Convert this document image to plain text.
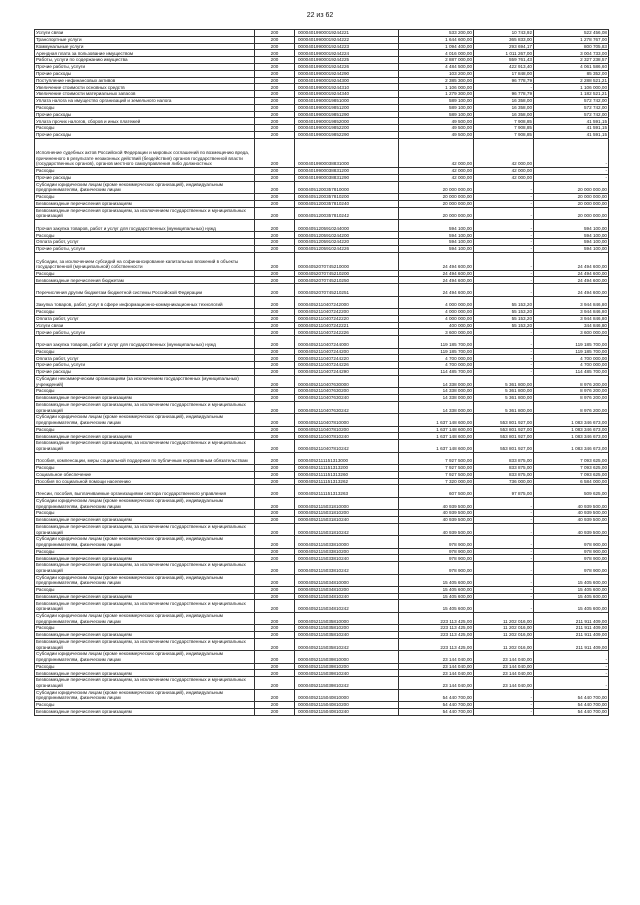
22 из 62
Услуги связи	200	00004019900019244221	533 200,00	10 743,92	522 456,08
Транспортные услуги	200	00004019900019244222	1 644 600,00	365 833,00	1 278 767,00
Коммунальные услуги	200	00004019900019244223	1 094 400,00	293 694,17	800 705,83
Арендная плата за пользование имуществом	200	00004019900019244224	4 016 000,00	1 011 267,00	3 004 733,00
Работы, услуги по содержанию имущества	200	00004019900019244225	2 887 000,00	559 761,43	2 327 238,57
Прочие работы, услуги	200	00004019900019244226	4 484 500,00	422 913,40	4 061 586,60
Прочие расходы	200	00004019900019244290	103 200,00	17 848,00	85 352,00
Поступление нефинансовых активов	200	00004019900019244300	2 385 300,00	96 778,79	2 288 521,21
Увеличение стоимости основных средств	200	00004019900019244310	1 106 000,00	-	1 106 000,00
Увеличение стоимости материальных запасов	200	00004019900019244340	1 279 300,00	96 778,79	1 182 521,21
Уплата налога на имущество организаций и земельного налога	200	00004019900019851000	589 100,00	16 358,00	572 742,00
Расходы	200	00004019900019851200	589 100,00	16 358,00	572 742,00
Прочие расходы	200	00004019900019851290	589 100,00	16 358,00	572 742,00
Уплата прочих налогов, сборов и иных платежей	200	00004019900019852000	49 500,00	7 908,85	41 591,15
Расходы	200	00004019900019852200	49 500,00	7 908,85	41 591,15
Прочие расходы	200	00004019900019852290	49 500,00	7 908,85	41 591,15
Исполнение судебных актов Российской Федерации и мировых соглашений по возмещению вреда, причиненного в результате незаконных действий (бездействия) органов государственной власти (государственных органов), органов местного самоуправления либо должностных	200	00004019900038831000	42 000,00	42 000,00	-
Расходы	200	00004019900038831200	42 000,00	42 000,00	-
Прочие расходы	200	00004019900038831290	42 000,00	42 000,00	-
Субсидии юридическим лицам (кроме некоммерческих организаций), индивидуальным предпринимателям, физическим лицам	200	00004051200357810000	20 000 000,00	-	20 000 000,00
Расходы	200	00004051200357810200	20 000 000,00	-	20 000 000,00
Безвозмездные перечисления организациям	200	00004051200357810240	20 000 000,00	-	20 000 000,00
Безвозмездные перечисления организациям, за исключением государственных и муниципальных организаций	200	00004051200357810242	20 000 000,00	-	20 000 000,00
Прочая закупка товаров, работ и услуг для государственных (муниципальных) нужд	200	00004051205910244000	594 100,00	-	594 100,00
Расходы	200	00004051205910244200	594 100,00	-	594 100,00
Оплата работ, услуг	200	00004051205910244220	594 100,00	-	594 100,00
Прочие работы, услуги	200	00004051205910244226	594 100,00	-	594 100,00
Субсидии, за исключением субсидий на софинансирование капитальных вложений в объекты государственной (муниципальной) собственности	200	00004052070745210000	24 494 600,00	-	24 494 600,00
Расходы	200	00004052070745210200	24 494 600,00	-	24 494 600,00
Безвозмездные перечисления бюджетам	200	00004052070745210250	24 494 600,00	-	24 494 600,00
Перечисления другим бюджетам бюджетной системы Российской Федерации	200	00004052070745210251	24 494 600,00	-	24 494 600,00
Закупка товаров, работ, услуг в сфере информационно-коммуникационных технологий	200	00004052110407242000	4 000 000,00	55 153,20	3 944 846,80
Расходы	200	00004052110407242200	4 000 000,00	55 153,20	3 944 846,80
Оплата работ, услуг	200	00004052110407242220	4 000 000,00	55 153,20	3 944 846,80
Услуги связи	200	00004052110407242221	400 000,00	55 153,20	344 846,80
Прочие работы, услуги	200	00004052110407242226	3 600 000,00	-	3 600 000,00
Прочая закупка товаров, работ и услуг для государственных (муниципальных) нужд	200	00004052110407244000	119 185 700,00	-	119 185 700,00
Расходы	200	00004052110407244200	119 185 700,00	-	119 185 700,00
Оплата работ, услуг	200	00004052110407244220	4 700 000,00	-	4 700 000,00
Прочие работы, услуги	200	00004052110407244226	4 700 000,00	-	4 700 000,00
Прочие расходы	200	00004052110407244290	114 485 700,00	-	114 485 700,00
Субсидии некоммерческим организациям (за исключением государственных (муниципальных) учреждений)	200	00004052110407630000	14 338 000,00	5 361 800,00	8 976 200,00
Расходы	200	00004052110407630200	14 338 000,00	5 361 800,00	8 976 200,00
Безвозмездные перечисления организациям	200	00004052110407630240	14 338 000,00	5 361 800,00	8 976 200,00
Безвозмездные перечисления организациям, за исключением государственных и муниципальных организаций	200	00004052110407630242	14 338 000,00	5 361 800,00	8 976 200,00
Субсидии юридическим лицам (кроме некоммерческих организаций), индивидуальным предпринимателям, физическим лицам	200	00004052110407810000	1 637 148 600,00	553 801 927,00	1 083 346 673,00
Расходы	200	00004052110407810200	1 637 148 600,00	553 801 927,00	1 083 346 673,00
Безвозмездные перечисления организациям	200	00004052110407810240	1 637 148 600,00	553 801 927,00	1 083 346 673,00
Безвозмездные перечисления организациям, за исключением государственных и муниципальных организаций	200	00004052110407810242	1 637 148 600,00	553 801 927,00	1 083 346 673,00
Пособия, компенсации, меры социальной поддержки по публичным нормативным обязательствам	200	00004052111151313000	7 927 500,00	833 875,00	7 093 625,00
Расходы	200	00004052111151313200	7 927 500,00	833 875,00	7 093 625,00
Социальное обеспечение	200	00004052111151313260	7 927 500,00	833 875,00	7 093 625,00
Пособия по социальной помощи населению	200	00004052111151313262	7 320 000,00	736 000,00	6 584 000,00
Пенсии, пособия, выплачиваемые организациями сектора государственного управления	200	00004052111151313263	607 500,00	97 875,00	509 625,00
Субсидии юридическим лицам (кроме некоммерческих организаций), индивидуальным предпринимателям, физическим лицам	200	00004052115031810000	40 939 500,00	-	40 939 500,00
Расходы	200	00004052115031810200	40 939 500,00	-	40 939 500,00
Безвозмездные перечисления организациям	200	00004052115031810240	40 939 500,00	-	40 939 500,00
Безвозмездные перечисления организациям, за исключением государственных и муниципальных организаций	200	00004052115031810242	40 939 500,00	-	40 939 500,00
Субсидии юридическим лицам (кроме некоммерческих организаций), индивидуальным предпринимателям, физическим лицам	200	00004052115033810000	978 900,00	-	978 900,00
Расходы	200	00004052115033810200	978 900,00	-	978 900,00
Безвозмездные перечисления организациям	200	00004052115033810240	978 900,00	-	978 900,00
Безвозмездные перечисления организациям, за исключением государственных и муниципальных организаций	200	00004052115033810242	978 900,00	-	978 900,00
Субсидии юридическим лицам (кроме некоммерческих организаций), индивидуальным предпринимателям, физическим лицам	200	00004052115034810000	15 405 600,00	-	15 405 600,00
Расходы	200	00004052115034810200	15 405 600,00	-	15 405 600,00
Безвозмездные перечисления организациям	200	00004052115034810240	15 405 600,00	-	15 405 600,00
Безвозмездные перечисления организациям, за исключением государственных и муниципальных организаций	200	00004052115034810242	15 405 600,00	-	15 405 600,00
Субсидии юридическим лицам (кроме некоммерческих организаций), индивидуальным предпринимателям, физическим лицам	200	00004052115035810000	223 113 425,00	11 202 016,00	211 911 409,00
Расходы	200	00004052115035810200	223 113 425,00	11 202 016,00	211 911 409,00
Безвозмездные перечисления организациям	200	00004052115035810240	223 113 425,00	11 202 016,00	211 911 409,00
Безвозмездные перечисления организациям, за исключением государственных и муниципальных организаций	200	00004052115035810242	223 113 425,00	11 202 016,00	211 911 409,00
Субсидии юридическим лицам (кроме некоммерческих организаций), индивидуальным предпринимателям, физическим лицам	200	00004052115039810000	23 144 040,00	23 144 040,00	-
Расходы	200	00004052115039810200	23 144 040,00	23 144 040,00	-
Безвозмездные перечисления организациям	200	00004052115039810240	23 144 040,00	23 144 040,00	-
Безвозмездные перечисления организациям, за исключением государственных и муниципальных организаций	200	00004052115039810242	23 144 040,00	23 144 040,00	-
Субсидии юридическим лицам (кроме некоммерческих организаций), индивидуальным предпринимателям, физическим лицам	200	00004052115040810000	54 440 700,00	-	54 440 700,00
Расходы	200	00004052115040810200	54 440 700,00	-	54 440 700,00
Безвозмездные перечисления организациям	200	00004052115040810240	54 440 700,00	-	54 440 700,00
